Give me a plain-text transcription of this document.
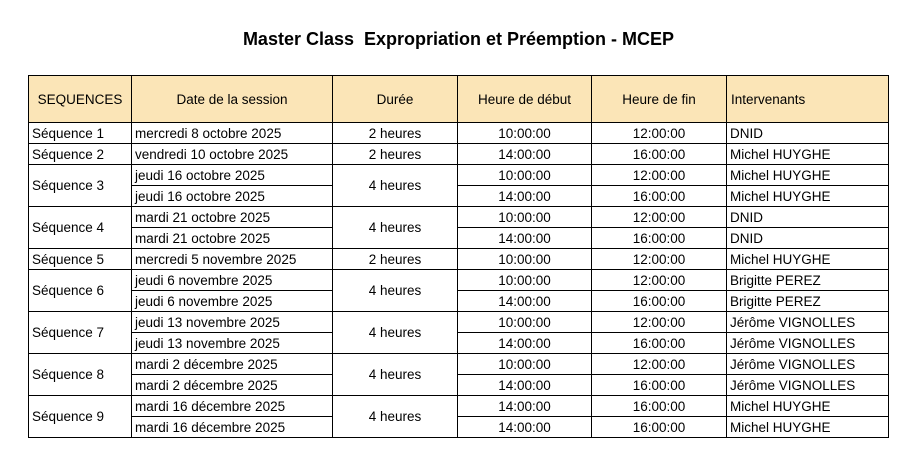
Master Class  Expropriation et Préemption - MCEP
SEQUENCES	Date de la session	Durée	Heure de début	Heure de fin	Intervenants
Séquence 1	mercredi 8 octobre 2025	2 heures	10:00:00	12:00:00	DNID
Séquence 2	vendredi 10 octobre 2025	2 heures	14:00:00	16:00:00	Michel HUYGHE
Séquence 3	jeudi 16 octobre 2025	4 heures	10:00:00	12:00:00	Michel HUYGHE
	jeudi 16 octobre 2025		14:00:00	16:00:00	Michel HUYGHE
Séquence 4	mardi 21 octobre 2025	4 heures	10:00:00	12:00:00	DNID
	mardi 21 octobre 2025		14:00:00	16:00:00	DNID
Séquence 5	mercredi 5 novembre 2025	2 heures	10:00:00	12:00:00	Michel HUYGHE
Séquence 6	jeudi 6 novembre 2025	4 heures	10:00:00	12:00:00	Brigitte PEREZ
	jeudi 6 novembre 2025		14:00:00	16:00:00	Brigitte PEREZ
Séquence 7	jeudi 13 novembre 2025	4 heures	10:00:00	12:00:00	Jérôme VIGNOLLES
	jeudi 13 novembre 2025		14:00:00	16:00:00	Jérôme VIGNOLLES
Séquence 8	mardi 2 décembre 2025	4 heures	10:00:00	12:00:00	Jérôme VIGNOLLES
	mardi 2 décembre 2025		14:00:00	16:00:00	Jérôme VIGNOLLES
Séquence 9	mardi 16 décembre 2025	4 heures	14:00:00	16:00:00	Michel HUYGHE
	mardi 16 décembre 2025		14:00:00	16:00:00	Michel HUYGHE
